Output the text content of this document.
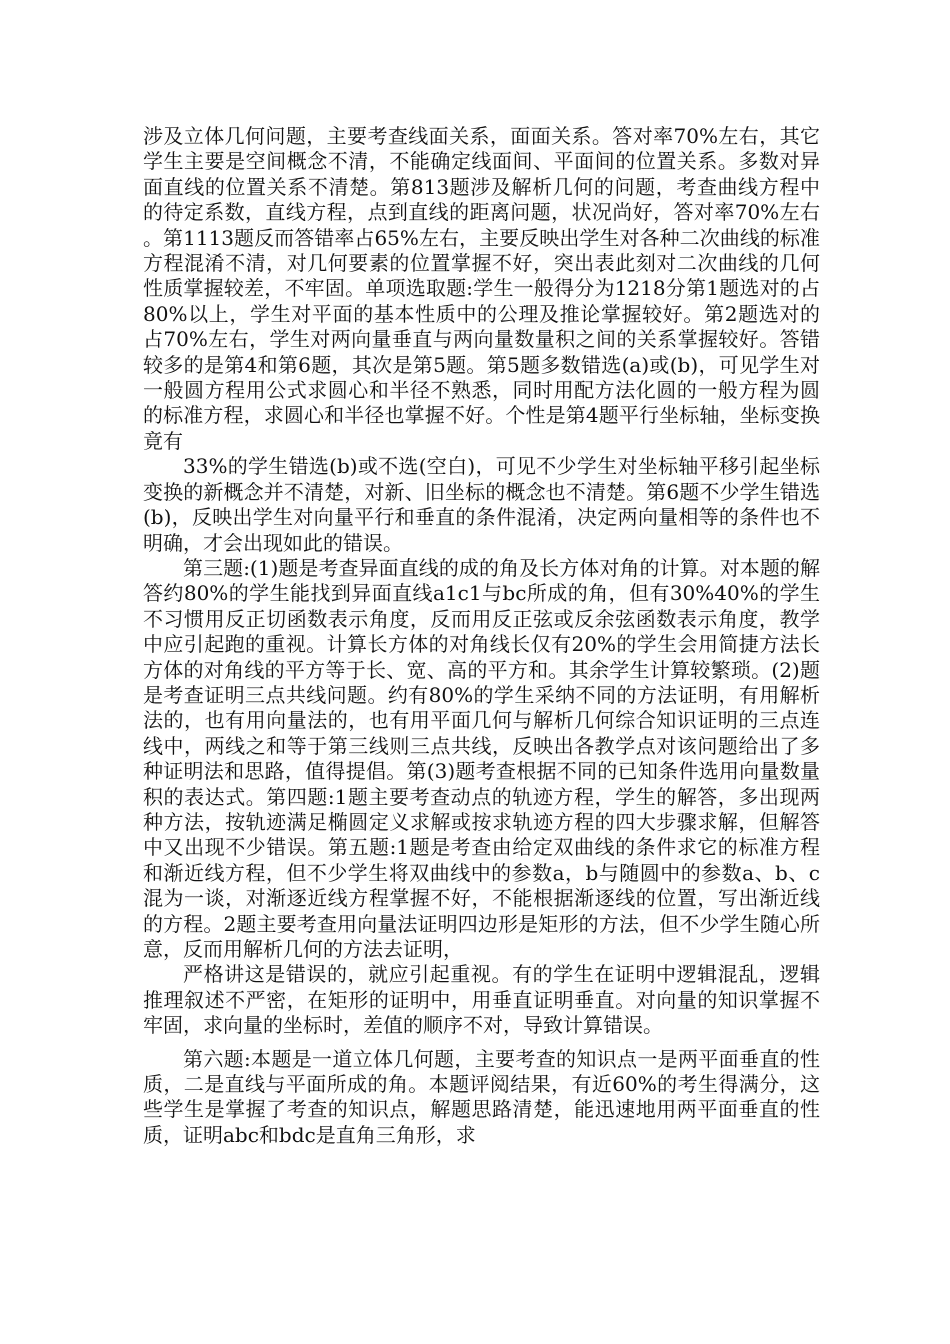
涉及立体几何问题，主要考查线面关系，面面关系。答对率70%左右，其它学生主要是空间概念不清，不能确定线面间、平面间的位置关系。多数对异面直线的位置关系不清楚。第813题涉及解析几何的问题，考查曲线方程中的待定系数，直线方程，点到直线的距离问题，状况尚好，答对率70%左右。第1113题反而答错率占65%左右，主要反映出学生对各种二次曲线的标准方程混淆不清，对几何要素的位置掌握不好，突出表此刻对二次曲线的几何性质掌握较差，不牢固。单项选取题:学生一般得分为1218分第1题选对的占80%以上，学生对平面的基本性质中的公理及推论掌握较好。第2题选对的占70%左右，学生对两向量垂直与两向量数量积之间的关系掌握较好。答错较多的是第4和第6题，其次是第5题。第5题多数错选(a)或(b)，可见学生对一般圆方程用公式求圆心和半径不熟悉，同时用配方法化圆的一般方程为圆的标准方程，求圆心和半径也掌握不好。个性是第4题平行坐标轴，坐标变换竟有

33%的学生错选(b)或不选(空白)，可见不少学生对坐标轴平移引起坐标变换的新概念并不清楚，对新、旧坐标的概念也不清楚。第6题不少学生错选(b)，反映出学生对向量平行和垂直的条件混淆，决定两向量相等的条件也不明确，才会出现如此的错误。

第三题:(1)题是考查异面直线的成的角及长方体对角的计算。对本题的解答约80%的学生能找到异面直线a1c1与bc所成的角，但有30%40%的学生不习惯用反正切函数表示角度，反而用反正弦或反余弦函数表示角度，教学中应引起跑的重视。计算长方体的对角线长仅有20%的学生会用简捷方法长方体的对角线的平方等于长、宽、高的平方和。其余学生计算较繁琐。(2)题是考查证明三点共线问题。约有80%的学生采纳不同的方法证明，有用解析法的，也有用向量法的，也有用平面几何与解析几何综合知识证明的三点连线中，两线之和等于第三线则三点共线，反映出各教学点对该问题给出了多种证明法和思路，值得提倡。第(3)题考查根据不同的已知条件选用向量数量积的表达式。第四题:1题主要考查动点的轨迹方程，学生的解答，多出现两种方法，按轨迹满足椭圆定义求解或按求轨迹方程的四大步骤求解，但解答中又出现不少错误。第五题:1题是考查由给定双曲线的条件求它的标准方程和渐近线方程，但不少学生将双曲线中的参数a，b与随圆中的参数a、b、c混为一谈，对渐逐近线方程掌握不好，不能根据渐逐线的位置，写出渐近线的方程。2题主要考查用向量法证明四边形是矩形的方法，但不少学生随心所意，反而用解析几何的方法去证明，

严格讲这是错误的，就应引起重视。有的学生在证明中逻辑混乱，逻辑推理叙述不严密，在矩形的证明中，用垂直证明垂直。对向量的知识掌握不牢固，求向量的坐标时，差值的顺序不对，导致计算错误。

第六题:本题是一道立体几何题，主要考查的知识点一是两平面垂直的性质，二是直线与平面所成的角。本题评阅结果，有近60%的考生得满分，这些学生是掌握了考查的知识点，解题思路清楚，能迅速地用两平面垂直的性质，证明abc和bdc是直角三角形，求
